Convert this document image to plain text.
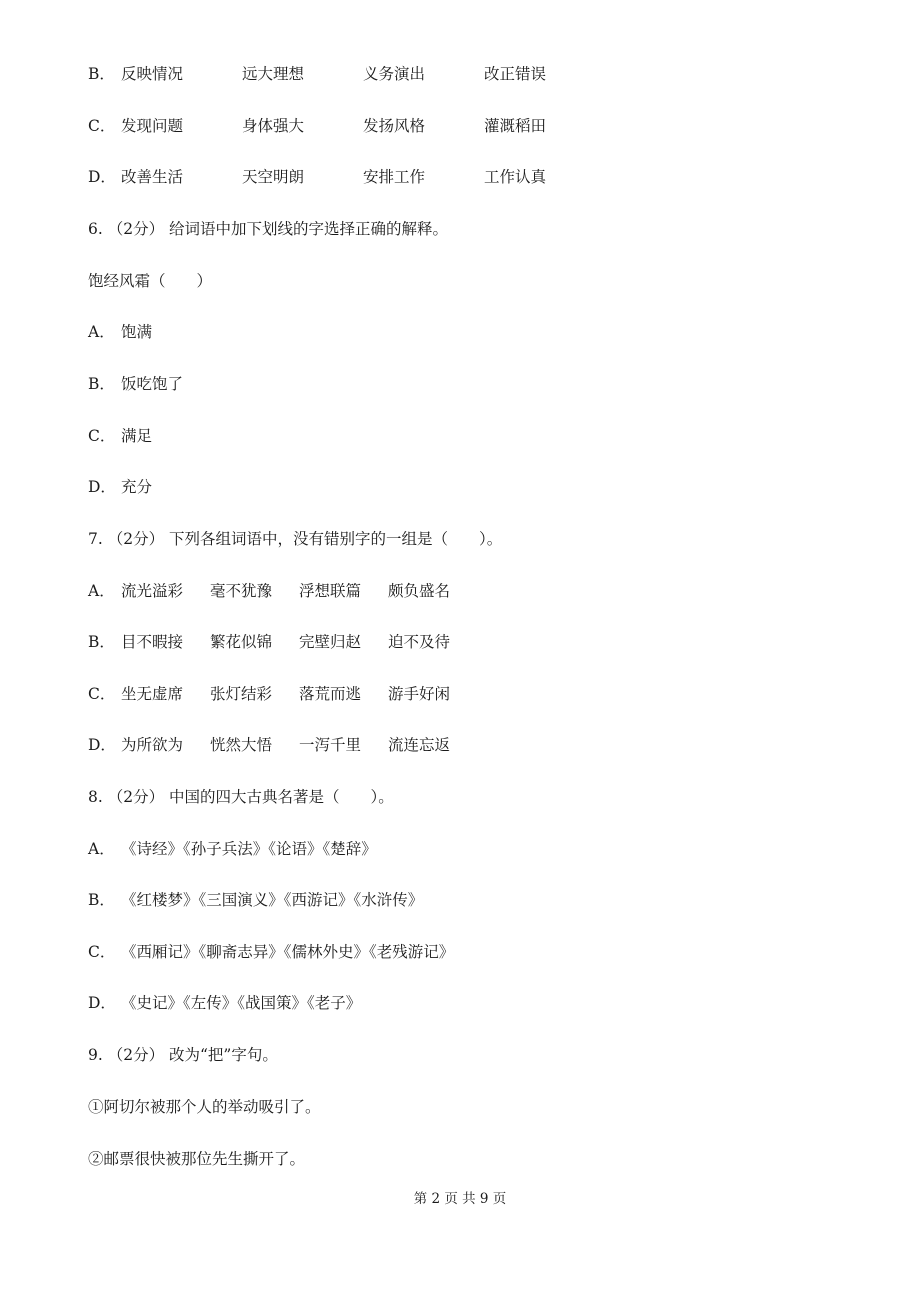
B． 反映情况	远大理想	义务演出	改正错误
C． 发现问题	身体强大	发扬风格	灌溉稻田
D． 改善生活	天空明朗	安排工作	工作认真
6. （2分） 给词语中加下划线的字选择正确的解释。
饱经风霜（　　）
A． 饱满
B． 饭吃饱了
C． 满足
D． 充分
7. （2分） 下列各组词语中，没有错别字的一组是（　　）。
A． 流光溢彩 毫不犹豫 浮想联篇 颇负盛名
B． 目不暇接 繁花似锦 完壁归赵 迫不及待
C． 坐无虚席 张灯结彩 落荒而逃 游手好闲
D． 为所欲为 恍然大悟 一泻千里 流连忘返
8. （2分） 中国的四大古典名著是（　　）。
A． 《诗经》《孙子兵法》《论语》《楚辞》
B． 《红楼梦》《三国演义》《西游记》《水浒传》
C． 《西厢记》《聊斋志异》《儒林外史》《老残游记》
D． 《史记》《左传》《战国策》《老子》
9. （2分） 改为“把”字句。
①阿切尔被那个人的举动吸引了。
②邮票很快被那位先生撕开了。
第 2 页 共 9 页
